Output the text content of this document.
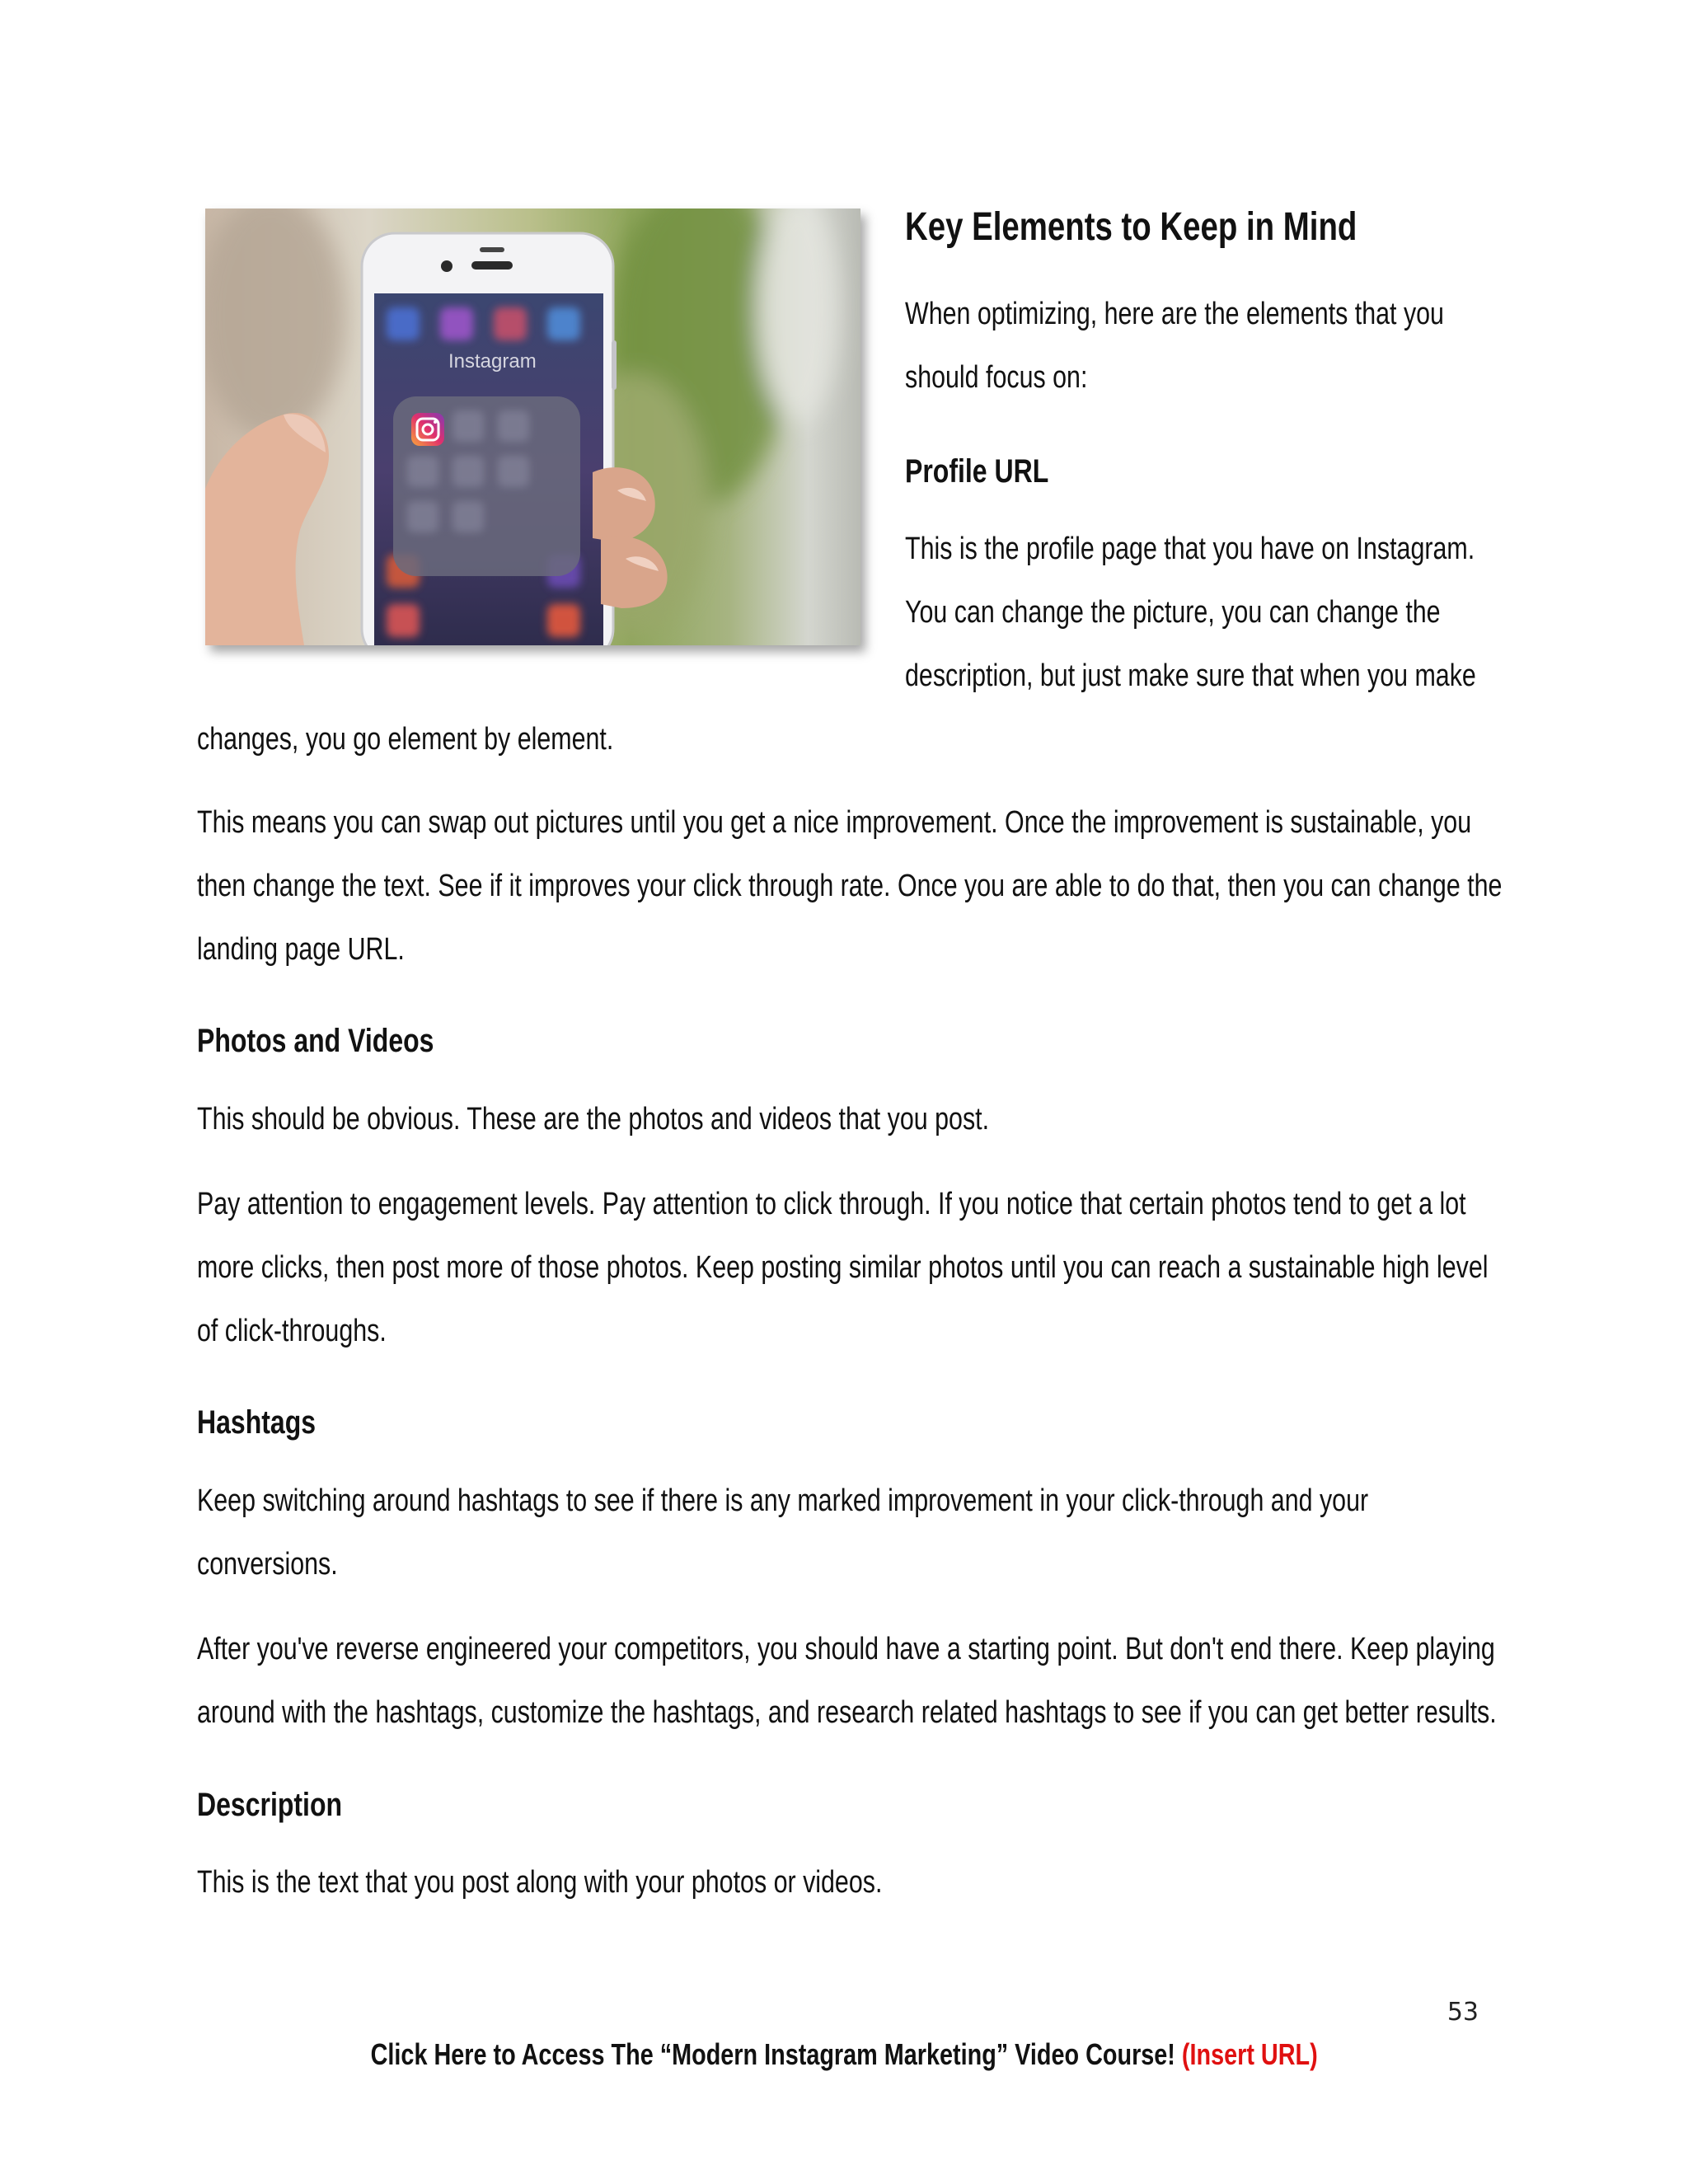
Instagram
Key Elements to Keep in Mind
When optimizing, here are the elements that you
should focus on:
Profile URL
This is the profile page that you have on Instagram.
You can change the picture, you can change the
description, but just make sure that when you make
changes, you go element by element.
This means you can swap out pictures until you get a nice improvement. Once the improvement is sustainable, you
then change the text. See if it improves your click through rate. Once you are able to do that, then you can change the
landing page URL.
Photos and Videos
This should be obvious. These are the photos and videos that you post.
Pay attention to engagement levels. Pay attention to click through. If you notice that certain photos tend to get a lot
more clicks, then post more of those photos. Keep posting similar photos until you can reach a sustainable high level
of click-throughs.
Hashtags
Keep switching around hashtags to see if there is any marked improvement in your click-through and your
conversions.
After you've reverse engineered your competitors, you should have a starting point. But don't end there. Keep playing
around with the hashtags, customize the hashtags, and research related hashtags to see if you can get better results.
Description
This is the text that you post along with your photos or videos.
53
Click Here to Access The “Modern Instagram Marketing” Video Course! (Insert URL)
